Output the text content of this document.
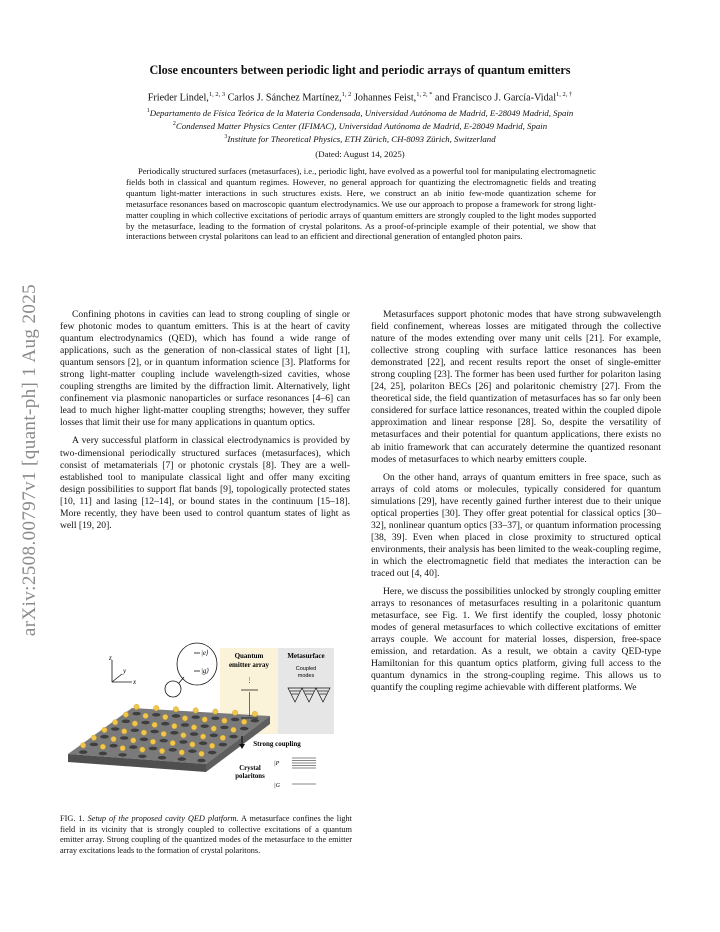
arXiv:2508.00797v1 [quant-ph] 1 Aug 2025
Close encounters between periodic light and periodic arrays of quantum emitters
Frieder Lindel,$^{1, 2, 3}$ Carlos J. Sánchez Martínez,$^{1, 2}$ Johannes Feist,$^{1, 2, *}$ and Francisco J. García-Vidal$^{1, 2, \dagger}$
$^1$Departamento de Física Teórica de la Materia Condensada, Universidad Autónoma de Madrid, E-28049 Madrid, Spain
$^2$Condensed Matter Physics Center (IFIMAC), Universidad Autónoma de Madrid, E-28049 Madrid, Spain
$^3$Institute for Theoretical Physics, ETH Zürich, CH-8093 Zürich, Switzerland
(Dated: August 14, 2025)
Periodically structured surfaces (metasurfaces), i.e., periodic light, have evolved as a powerful tool for manipulating electromagnetic fields both in classical and quantum regimes. However, no general approach for quantizing the electromagnetic fields and treating quantum light-matter interactions in such structures exists. Here, we construct an ab initio few-mode quantization scheme for metasurface resonances based on macroscopic quantum electrodynamics. We use our approach to propose a framework for strong light-matter coupling in which collective excitations of periodic arrays of quantum emitters are strongly coupled to the light modes supported by the metasurface, leading to the formation of crystal polaritons. As a proof-of-principle example of their potential, we show that interactions between crystal polaritons can lead to an efficient and directional generation of entangled photon pairs.

Confining photons in cavities can lead to strong coupling of single or few photonic modes to quantum emitters. This is at the heart of cavity quantum electrodynamics (QED), which has found a wide range of applications, such as the generation of non-classical states of light [1], quantum sensors [2], or in quantum information science [3]. Platforms for strong light-matter coupling include wavelength-sized cavities, whose coupling strengths are limited by the diffraction limit. Alternatively, light confinement via plasmonic nanoparticles or surface resonances [4–6] can lead to much higher light-matter coupling strengths; however, they suffer losses that limit their use for many applications in quantum optics.

A very successful platform in classical electrodynamics is provided by two-dimensional periodically structured surfaces (metasurfaces), which consist of metamaterials [7] or photonic crystals [8]. They are a well-established tool to manipulate classical light and offer many exciting design possibilities to support flat bands [9], topologically protected states [10, 11] and lasing [12–14], or bound states in the continuum [15–18]. More recently, they have been used to control quantum states of light as well [19, 20].

Metasurfaces support photonic modes that have strong subwavelength field confinement, whereas losses are mitigated through the collective nature of the modes extending over many unit cells [21]. For example, collective strong coupling with surface lattice resonances has been demonstrated [22], and recent results report the onset of single-emitter strong coupling [23]. The former has been used further for polariton lasing [24, 25], polariton BECs [26] and polaritonic chemistry [27]. From the theoretical side, the field quantization of metasurfaces has so far only been considered for surface lattice resonances, treated within the coupled dipole approximation and linear response [28]. So, despite the versatility of metasurfaces and their potential for quantum applications, there exists no ab initio framework that can accurately determine the quantized resonant modes of metasurfaces to which nearby emitters couple.

On the other hand, arrays of quantum emitters in free space, such as arrays of cold atoms or molecules, typically considered for quantum simulations [29], have recently gained further interest due to their unique optical properties [30]. They offer great potential for classical optics [30–32], nonlinear quantum optics [33–37], or quantum information processing [38, 39]. Even when placed in close proximity to structured optical environments, their analysis has been limited to the weak-coupling regime, in which the electromagnetic field that mediates the interaction can be traced out [4, 40].

Here, we discuss the possibilities unlocked by strongly coupling emitter arrays to resonances of metasurfaces resulting in a polaritonic quantum metasurface, see Fig. 1. We first identify the coupled, lossy photonic modes of general metasurfaces to which collective excitations of emitter arrays couple. We account for material losses, dispersion, free-space emission, and retardation. As a result, we obtain a cavity QED-type Hamiltonian for this quantum optics platform, giving full access to the quantum dynamics in the strong-coupling regime. This allows us to quantify the coupling regime achievable with different platforms. We

z
y
x
|e⟩
|g⟩
Quantum
emitter array
Metasurface
Coupled
modes
⋮
Strong coupling
Crystal
polaritons
|P
|G
FIG. 1. Setup of the proposed cavity QED platform. A metasurface confines the light field in its vicinity that is strongly coupled to collective excitations of a quantum emitter array. Strong coupling of the quantized modes of the metasurface to the emitter array excitations leads to the formation of crystal polaritons.
